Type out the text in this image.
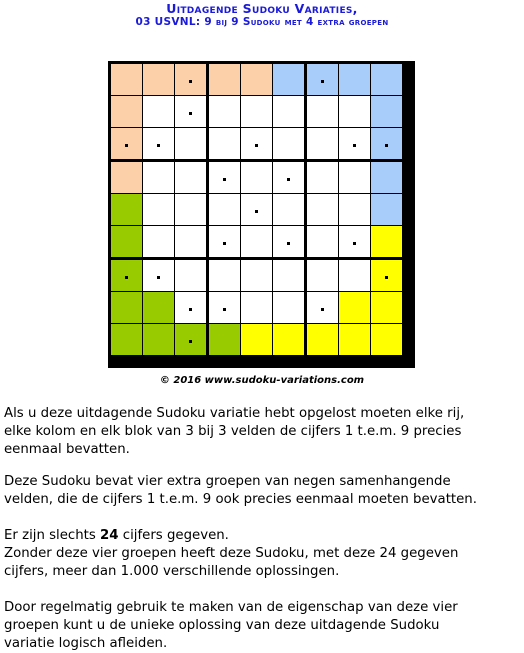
Uitdagende Sudoku Variaties,
03 USVNL: 9 bij 9 Sudoku met 4 extra groepen
© 2016 www.sudoku-variations.com
Als u deze uitdagende Sudoku variatie hebt opgelost moeten elke rij,
elke kolom en elk blok van 3 bij 3 velden de cijfers 1 t.e.m. 9 precies
eenmaal bevatten.
Deze Sudoku bevat vier extra groepen van negen samenhangende
velden, die de cijfers 1 t.e.m. 9 ook precies eenmaal moeten bevatten.
Er zijn slechts 24 cijfers gegeven.
Zonder deze vier groepen heeft deze Sudoku, met deze 24 gegeven
cijfers, meer dan 1.000 verschillende oplossingen.
Door regelmatig gebruik te maken van de eigenschap van deze vier
groepen kunt u de unieke oplossing van deze uitdagende Sudoku
variatie logisch afleiden.
